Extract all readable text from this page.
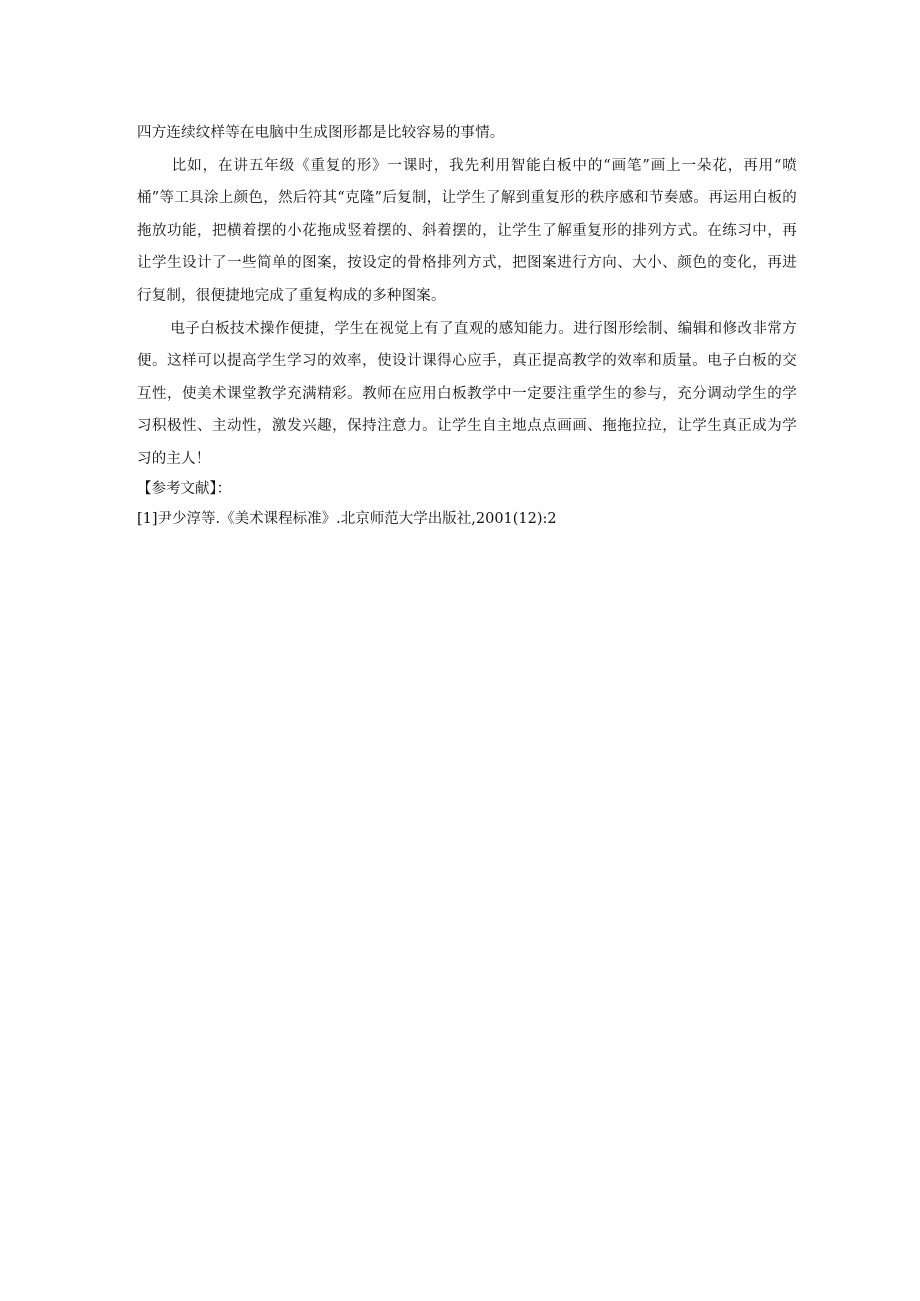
四方连续纹样等在电脑中生成图形都是比较容易的事情。

比如，在讲五年级《重复的形》一课时，我先利用智能白板中的“画笔”画上一朵花，再用“喷桶”等工具涂上颜色，然后符其“克隆”后复制，让学生了解到重复形的秩序感和节奏感。再运用白板的拖放功能，把横着摆的小花拖成竖着摆的、斜着摆的，让学生了解重复形的排列方式。在练习中，再让学生设计了一些简单的图案，按设定的骨格排列方式，把图案进行方向、大小、颜色的变化，再进行复制，很便捷地完成了重复构成的多种图案。

电子白板技术操作便捷，学生在视觉上有了直观的感知能力。进行图形绘制、编辑和修改非常方便。这样可以提高学生学习的效率，使设计课得心应手，真正提高教学的效率和质量。电子白板的交互性，使美术课堂教学充满精彩。教师在应用白板教学中一定要注重学生的参与，充分调动学生的学习积极性、主动性，激发兴趣，保持注意力。让学生自主地点点画画、拖拖拉拉，让学生真正成为学习的主人！

【参考文献】：

[1]尹少淳等.《美术课程标准》.北京师范大学出版社,2001(12):2
